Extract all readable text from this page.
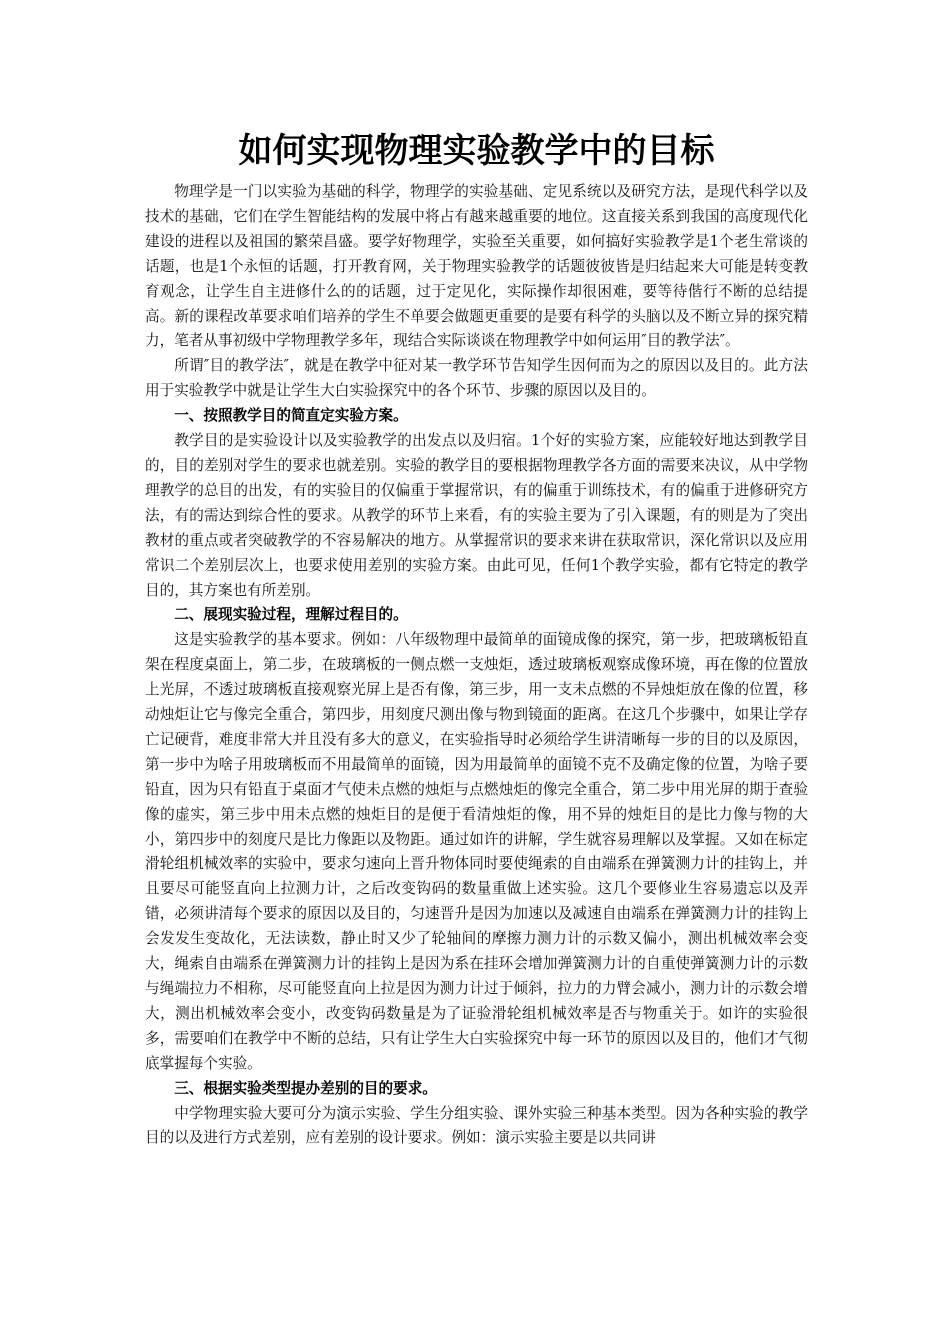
如何实现物理实验教学中的目标

物理学是一门以实验为基础的科学，物理学的实验基础、定见系统以及研究方法，是现代科学以及技术的基础，它们在学生智能结构的发展中将占有越来越重要的地位。这直接关系到我国的高度现代化建设的进程以及祖国的繁荣昌盛。要学好物理学，实验至关重要，如何搞好实验教学是1个老生常谈的话题，也是1个永恒的话题，打开教育网，关于物理实验教学的话题彼彼皆是归结起来大可能是转变教育观念，让学生自主进修什么的的话题，过于定见化，实际操作却很困难，要等待偕行不断的总结提高。新的课程改革要求咱们培养的学生不单要会做题更重要的是要有科学的头脑以及不断立异的探究精力，笔者从事初级中学物理教学多年，现结合实际谈谈在物理教学中如何运用″目的教学法″。

所谓″目的教学法″，就是在教学中征对某一教学环节告知学生因何而为之的原因以及目的。此方法用于实验教学中就是让学生大白实验探究中的各个环节、步骤的原因以及目的。

一、按照教学目的简直定实验方案。

教学目的是实验设计以及实验教学的出发点以及归宿。1个好的实验方案，应能较好地达到教学目的，目的差别对学生的要求也就差别。实验的教学目的要根据物理教学各方面的需要来决议，从中学物理教学的总目的出发，有的实验目的仅偏重于掌握常识，有的偏重于训练技术，有的偏重于进修研究方法，有的需达到综合性的要求。从教学的环节上来看，有的实验主要为了引入课题，有的则是为了突出教材的重点或者突破教学的不容易解决的地方。从掌握常识的要求来讲在获取常识，深化常识以及应用常识二个差别层次上，也要求使用差别的实验方案。由此可见，任何1个教学实验，都有它特定的教学目的，其方案也有所差别。

二、展现实验过程，理解过程目的。

这是实验教学的基本要求。例如：八年级物理中最简单的面镜成像的探究，第一步，把玻璃板铅直架在程度桌面上，第二步，在玻璃板的一侧点燃一支烛炬，透过玻璃板观察成像环境，再在像的位置放上光屏，不透过玻璃板直接观察光屏上是否有像，第三步，用一支未点燃的不异烛炬放在像的位置，移动烛炬让它与像完全重合，第四步，用刻度尺测出像与物到镜面的距离。在这几个步骤中，如果让学存亡记硬背，难度非常大并且没有多大的意义，在实验指导时必须给学生讲清晰每一步的目的以及原因，第一步中为啥子用玻璃板而不用最简单的面镜，因为用最简单的面镜不克不及确定像的位置，为啥子要铅直，因为只有铅直于桌面才气使未点燃的烛炬与点燃烛炬的像完全重合，第二步中用光屏的期于查验像的虚实，第三步中用未点燃的烛炬目的是便于看清烛炬的像，用不异的烛炬目的是比力像与物的大小，第四步中的刻度尺是比力像距以及物距。通过如许的讲解，学生就容易理解以及掌握。又如在标定滑轮组机械效率的实验中，要求匀速向上晋升物体同时要使绳索的自由端系在弹簧测力计的挂钩上，并且要尽可能竖直向上拉测力计，之后改变钩码的数量重做上述实验。这几个要修业生容易遗忘以及弄错，必须讲清每个要求的原因以及目的，匀速晋升是因为加速以及减速自由端系在弹簧测力计的挂钩上会发发生变故化，无法读数，静止时又少了轮轴间的摩擦力测力计的示数又偏小，测出机械效率会变大，绳索自由端系在弹簧测力计的挂钩上是因为系在挂环会增加弹簧测力计的自重使弹簧测力计的示数与绳端拉力不相称，尽可能竖直向上拉是因为测力计过于倾斜，拉力的力臂会减小，测力计的示数会增大，测出机械效率会变小，改变钩码数量是为了证验滑轮组机械效率是否与物重关于。如许的实验很多，需要咱们在教学中不断的总结，只有让学生大白实验探究中每一环节的原因以及目的，他们才气彻底掌握每个实验。

三、根据实验类型提办差别的目的要求。

中学物理实验大要可分为演示实验、学生分组实验、课外实验三种基本类型。因为各种实验的教学目的以及进行方式差别，应有差别的设计要求。例如：演示实验主要是以共同讲
